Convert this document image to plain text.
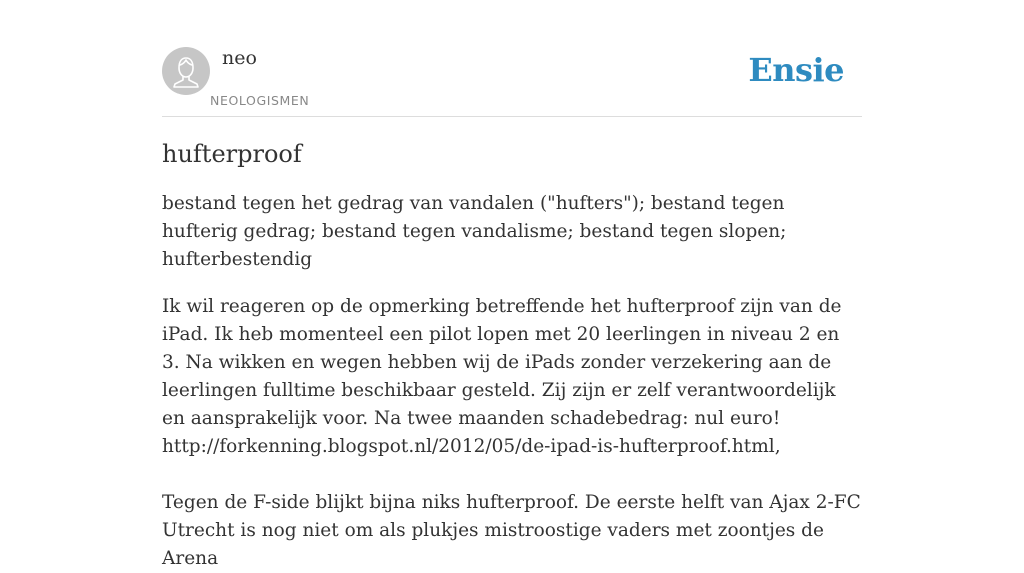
neo
NEOLOGISMEN
Ensie
hufterproof

bestand tegen het gedrag van vandalen ("hufters"); bestand tegen hufterig gedrag; bestand tegen vandalisme; bestand tegen slopen; hufterbestendig

Ik wil reageren op de opmerking betreffende het hufterproof zijn van de iPad. Ik heb momenteel een pilot lopen met 20 leerlingen in niveau 2 en 3. Na wikken en wegen hebben wij de iPads zonder verzekering aan de leerlingen fulltime beschikbaar gesteld. Zij zijn er zelf verantwoordelijk en aansprakelijk voor. Na twee maanden schadebedrag: nul euro!
http://forkenning.blogspot.nl/2012/05/de-ipad-is-hufterproof.html,
Tegen de F-side blijkt bijna niks hufterproof. De eerste helft van Ajax 2-FC Utrecht is nog niet om als plukjes mistroostige vaders met zoontjes de Arena
